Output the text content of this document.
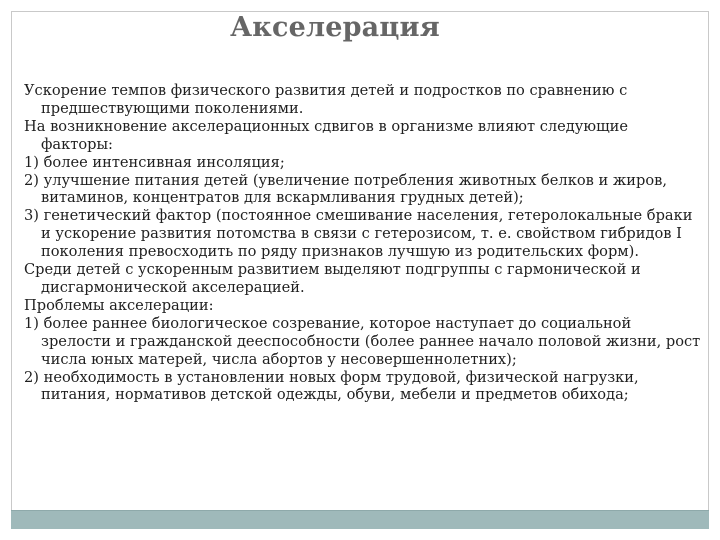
Акселерация

Ускорение темпов физического развития детей и подростков по сравнению с предшествующими поколениями.

На возникновение акселерационных сдвигов в организме влияют следующие факторы:

1) более интенсивная инсоляция;

2) улучшение питания детей (увеличение потребления животных белков и жиров, витаминов, концентратов для вскармливания грудных детей);

3) генетический фактор (постоянное смешивание населения, гетеролокальные браки и ускорение развития потомства в связи с гетерозисом, т. е. свойством гибридов I поколения превосходить по ряду признаков лучшую из родительских форм).

Среди детей с ускоренным развитием выделяют подгруппы с гармонической и дисгармонической акселерацией.

Проблемы акселерации:

1) более раннее биологическое созревание, которое наступает до социальной зрелости и гражданской дееспособности (более раннее начало половой жизни, рост числа юных матерей, числа абортов у несовершеннолетних);

2) необходимость в установлении новых форм трудовой, физической нагрузки, питания, нормативов детской одежды, обуви, мебели и предметов обихода;
